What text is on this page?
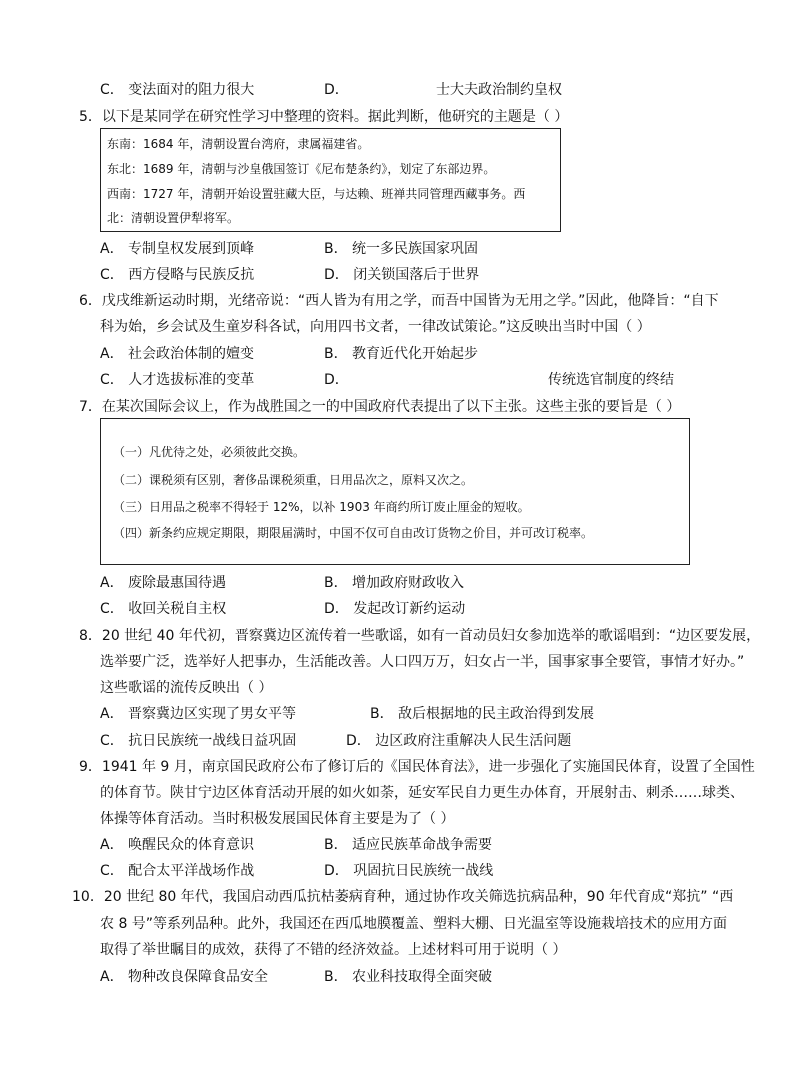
C． 变法面对的阻力很大	D．	士大夫政治制约皇权
5．以下是某同学在研究性学习中整理的资料。据此判断，他研究的主题是（ ）
东南：1684 年，清朝设置台湾府，隶属福建省。
东北：1689 年，清朝与沙皇俄国签订《尼布楚条约》，划定了东部边界。
西南：1727 年，清朝开始设置驻藏大臣，与达赖、班禅共同管理西藏事务。西
北：清朝设置伊犁将军。
A． 专制皇权发展到顶峰	B． 统一多民族国家巩固
C． 西方侵略与民族反抗	D． 闭关锁国落后于世界
6．戊戌维新运动时期，光绪帝说：“西人皆为有用之学，而吾中国皆为无用之学。”因此，他降旨：“自下
科为始，乡会试及生童岁科各试，向用四书文者，一律改试策论。”这反映出当时中国（ ）
A． 社会政治体制的嬗变	B． 教育近代化开始起步
C． 人才选拔标准的变革	D．	传统选官制度的终结
7．在某次国际会议上，作为战胜国之一的中国政府代表提出了以下主张。这些主张的要旨是（ ）
（一）凡优待之处，必须彼此交换。
（二）课税须有区别，奢侈品课税须重，日用品次之，原料又次之。
（三）日用品之税率不得轻于 12%，以补 1903 年商约所订废止厘金的短收。
（四）新条约应规定期限，期限届满时，中国不仅可自由改订货物之价目，并可改订税率。
A． 废除最惠国待遇	B． 增加政府财政收入
C． 收回关税自主权	D． 发起改订新约运动
8．20 世纪 40 年代初，晋察冀边区流传着一些歌谣，如有一首动员妇女参加选举的歌谣唱到：“边区要发展，
选举要广泛，选举好人把事办，生活能改善。人口四万万，妇女占一半，国事家事全要管，事情才好办。”
这些歌谣的流传反映出（ ）
A． 晋察冀边区实现了男女平等	B． 敌后根据地的民主政治得到发展
C． 抗日民族统一战线日益巩固	D． 边区政府注重解决人民生活问题
9．1941 年 9 月，南京国民政府公布了修订后的《国民体育法》，进一步强化了实施国民体育，设置了全国性
的体育节。陕甘宁边区体育活动开展的如火如荼，延安军民自力更生办体育，开展射击、刺杀……球类、
体操等体育活动。当时积极发展国民体育主要是为了（ ）
A． 唤醒民众的体育意识	B． 适应民族革命战争需要
C． 配合太平洋战场作战	D． 巩固抗日民族统一战线
10．20 世纪 80 年代，我国启动西瓜抗枯萎病育种，通过协作攻关筛选抗病品种，90 年代育成“郑抗” “西
农 8 号”等系列品种。此外，我国还在西瓜地膜覆盖、塑料大棚、日光温室等设施栽培技术的应用方面
取得了举世瞩目的成效，获得了不错的经济效益。上述材料可用于说明（ ）
A． 物种改良保障食品安全	B． 农业科技取得全面突破
